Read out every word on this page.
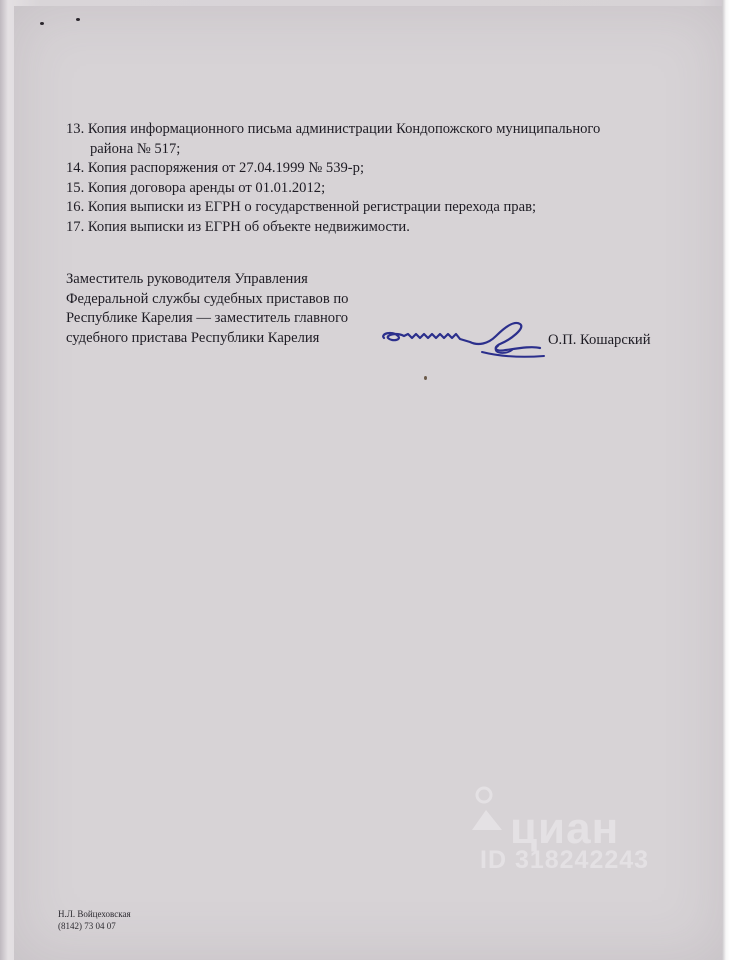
13. Копия информационного письма администрации Кондопожского муниципального
района № 517;
14. Копия распоряжения от 27.04.1999 № 539-р;
15. Копия договора аренды от 01.01.2012;
16. Копия выписки из ЕГРН о государственной регистрации перехода прав;
17. Копия выписки из ЕГРН об объекте недвижимости.
Заместитель руководителя Управления
Федеральной службы судебных приставов по
Республике Карелия — заместитель главного
судебного пристава Республики Карелия	О.П. Кошарский
циан
ID 318242243
Н.Л. Войцеховская
(8142) 73 04 07
